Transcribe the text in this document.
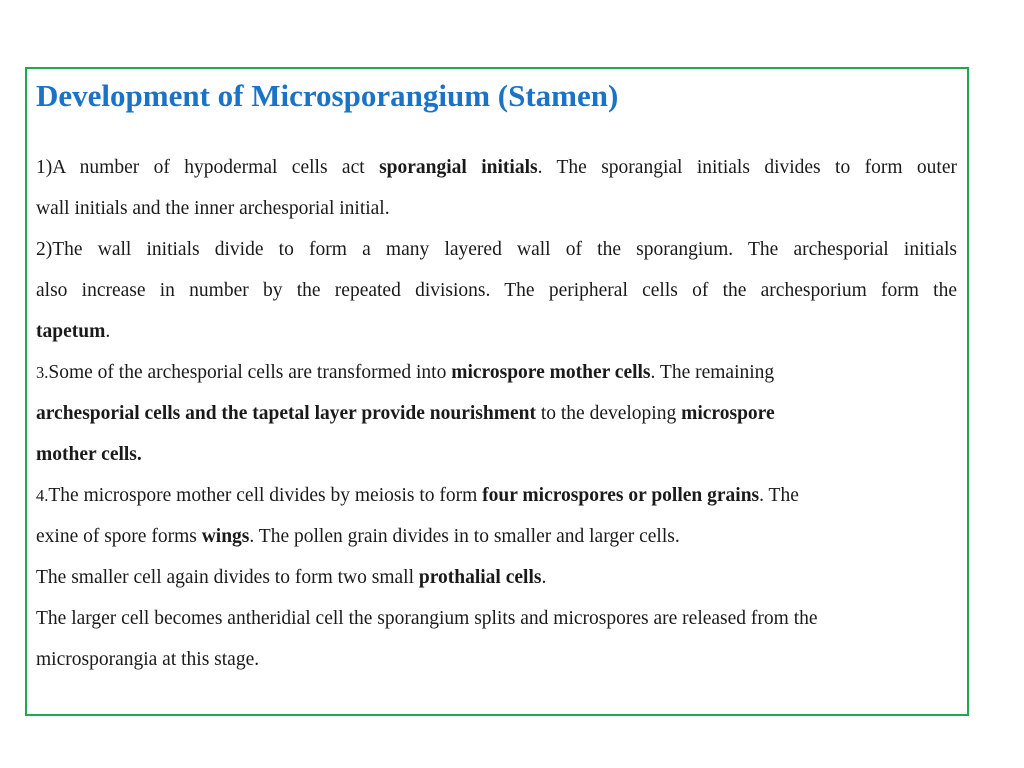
Development of Microsporangium (Stamen)
1)A number of hypodermal cells act sporangial initials. The sporangial initials divides to form outer
wall initials and the inner archesporial initial.
2)The wall initials divide to form a many layered wall of the sporangium. The archesporial initials
also increase in number by the repeated divisions. The peripheral cells of the archesporium form the
tapetum.
3.Some of the archesporial cells are transformed into microspore mother cells. The remaining
archesporial cells and the tapetal layer provide nourishment to the developing microspore
mother cells.
4.The microspore mother cell divides by meiosis to form four microspores or pollen grains. The
exine of spore forms wings. The pollen grain divides in to smaller and larger cells.
The smaller cell again divides to form two small prothalial cells.
The larger cell becomes antheridial cell the sporangium splits and microspores are released from the
microsporangia at this stage.
